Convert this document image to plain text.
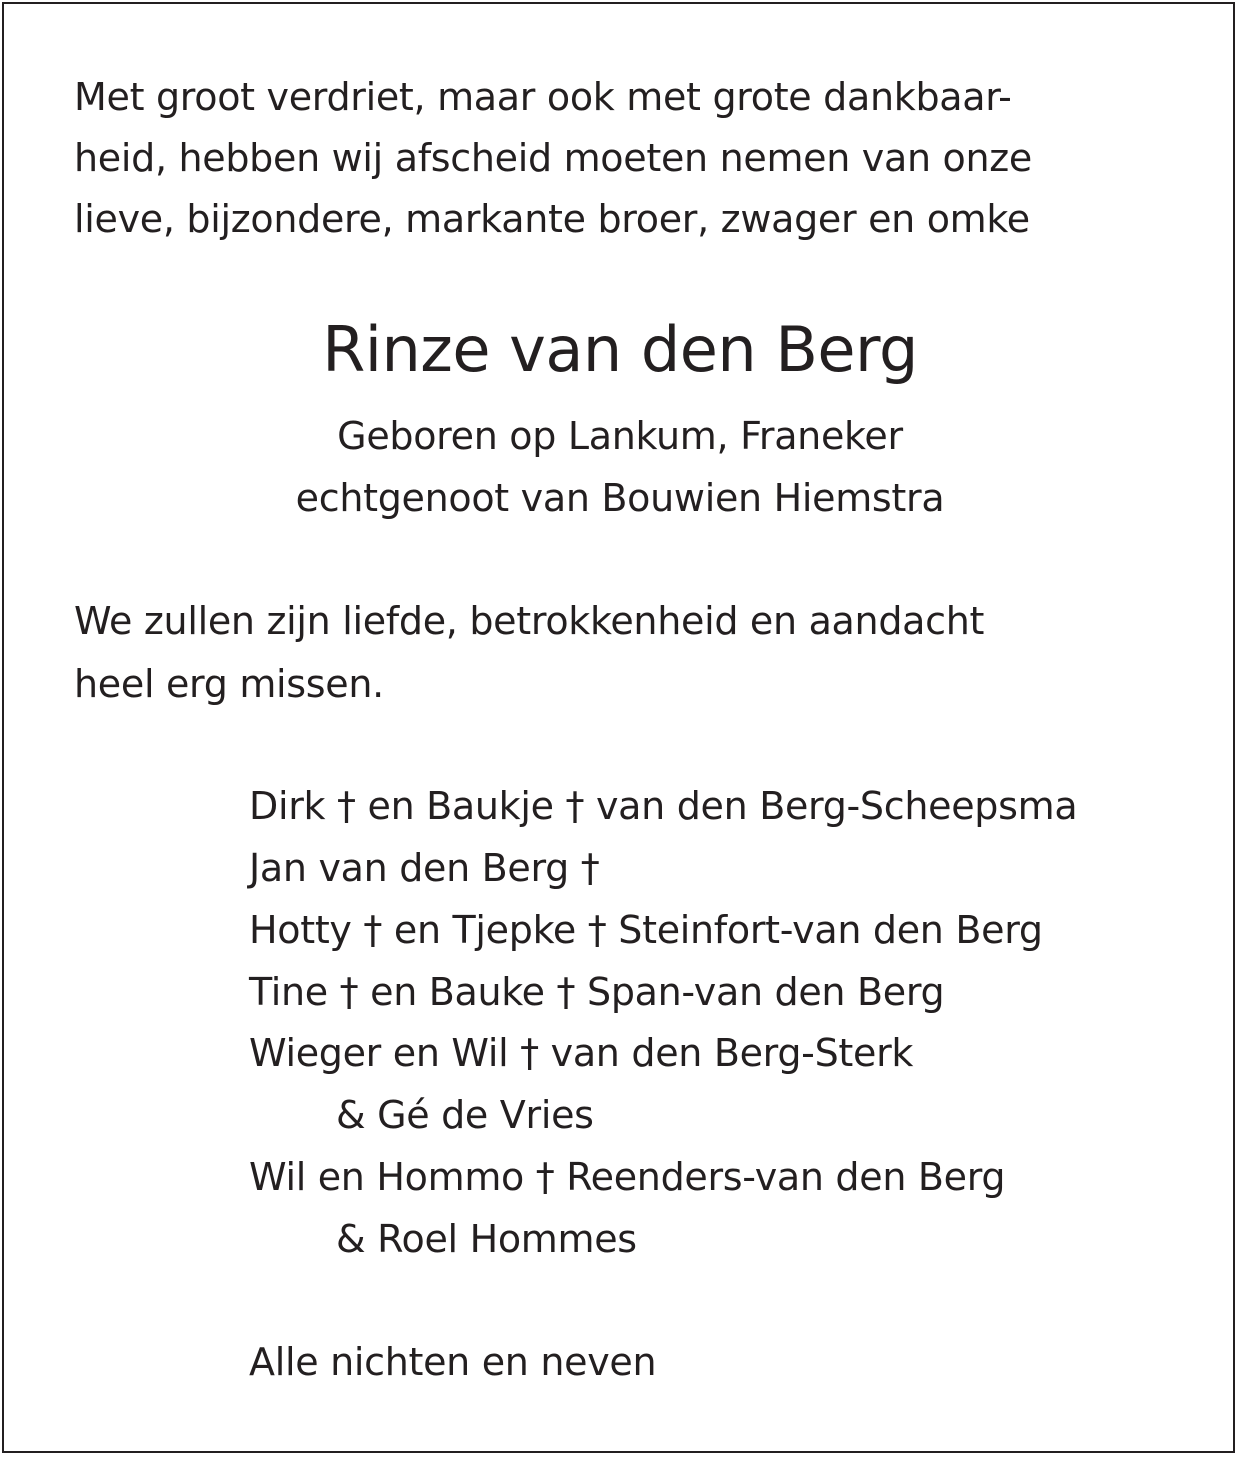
Met groot verdriet, maar ook met grote dankbaar-
heid, hebben wij afscheid moeten nemen van onze
lieve, bijzondere, markante broer, zwager en omke
Rinze van den Berg
Geboren op Lankum, Franeker
echtgenoot van Bouwien Hiemstra
We zullen zijn liefde, betrokkenheid en aandacht
heel erg missen.
Dirk † en Baukje † van den Berg-Scheepsma
Jan van den Berg †
Hotty † en Tjepke † Steinfort-van den Berg
Tine † en Bauke † Span-van den Berg
Wieger en Wil † van den Berg-Sterk
& Gé de Vries
Wil en Hommo † Reenders-van den Berg
& Roel Hommes
Alle nichten en neven
